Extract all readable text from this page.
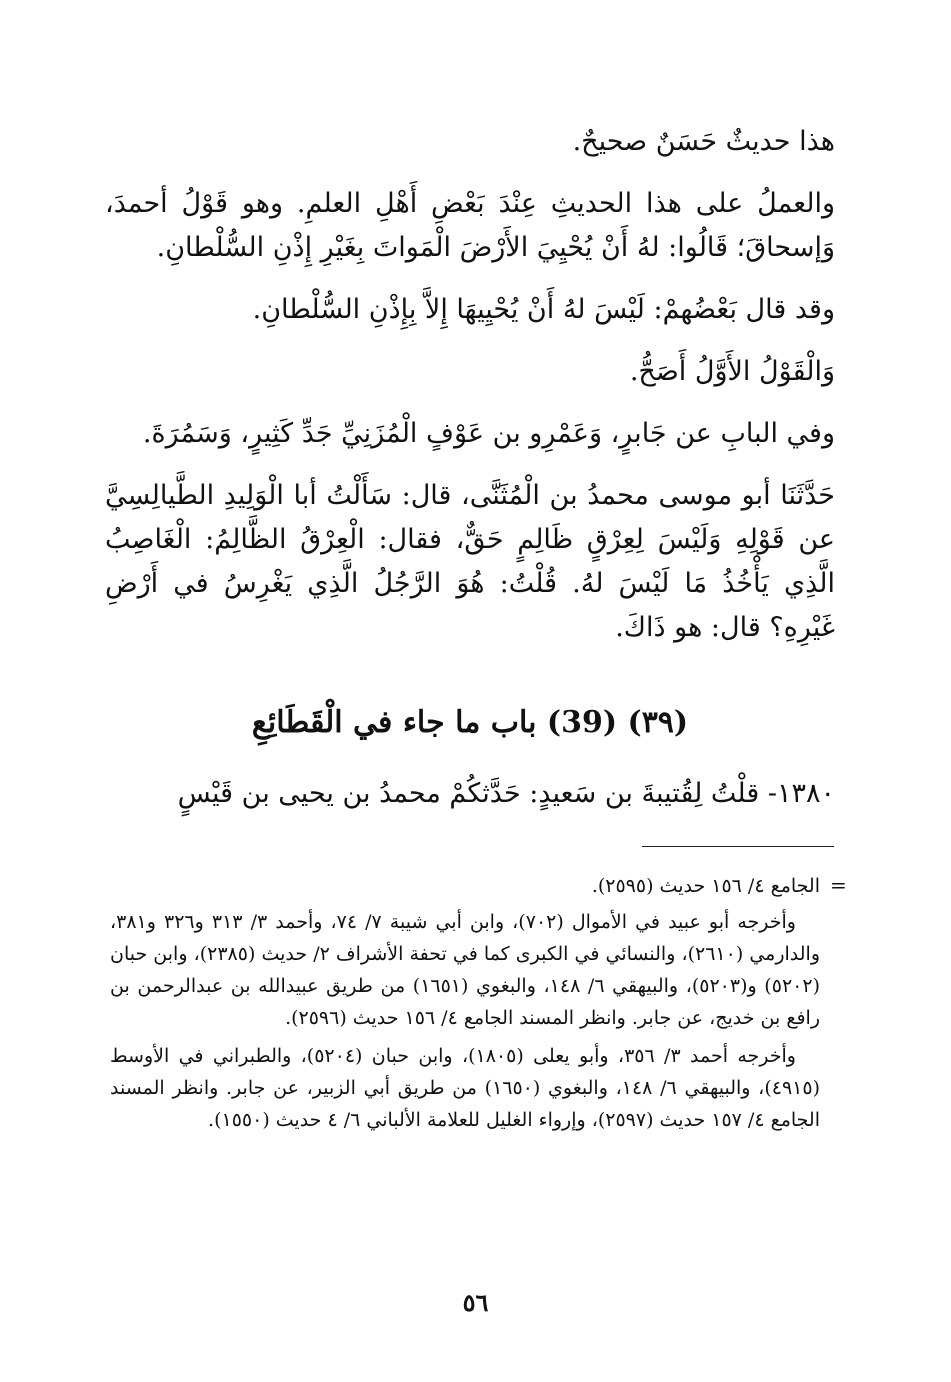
هذا حديثٌ حَسَنٌ صحيحٌ.

والعملُ على هذا الحديثِ عِنْدَ بَعْضِ أَهْلِ العلمِ. وهو قَوْلُ أحمدَ، وَإسحاقَ؛ قَالُوا: لهُ أَنْ يُحْيِيَ الأَرْضَ الْمَواتَ بِغَيْرِ إِذْنِ السُّلْطانِ.

وقد قال بَعْضُهمْ: لَيْسَ لهُ أَنْ يُحْيِيهَا إِلاَّ بِإِذْنِ السُّلْطانِ.

وَالْقَوْلُ الأَوَّلُ أَصَحُّ.

وفي البابِ عن جَابرٍ، وَعَمْرِو بن عَوْفٍ الْمُزَنِيِّ جَدِّ كَثِيرٍ، وَسَمُرَةَ.

حَدَّثَنَا أبو موسى محمدُ بن الْمُثَنَّى، قال: سَأَلْتُ أبا الْوَلِيدِ الطَّيالِسِيَّ عن قَوْلِهِ وَلَيْسَ لِعِرْقٍ ظَالِمٍ حَقٌّ، فقال: الْعِرْقُ الظَّالِمُ: الْغَاصِبُ الَّذِي يَأْخُذُ مَا لَيْسَ لهُ. قُلْتُ: هُوَ الرَّجُلُ الَّذِي يَغْرِسُ في أَرْضِ غَيْرِهِ؟ قال: هو ذَاكَ.

(٣٩) (39) باب ما جاء في الْقَطَائِعِ

١٣٨٠- قلْتُ لِقُتيبةَ بن سَعيدٍ: حَدَّثكُمْ محمدُ بن يحيى بن قَيْسٍ

=

الجامع ٤/ ١٥٦ حديث (٢٥٩٥).

وأخرجه أبو عبيد في الأموال (٧٠٢)، وابن أبي شيبة ٧/ ٧٤، وأحمد ٣/ ٣١٣ و٣٢٦ و٣٨١، والدارمي (٢٦١٠)، والنسائي في الكبرى كما في تحفة الأشراف ٢/ حديث (٢٣٨٥)، وابن حبان (٥٢٠٢) و(٥٢٠٣)، والبيهقي ٦/ ١٤٨، والبغوي (١٦٥١) من طريق عبيدالله بن عبدالرحمن بن رافع بن خديج، عن جابر. وانظر المسند الجامع ٤/ ١٥٦ حديث (٢٥٩٦).

وأخرجه أحمد ٣/ ٣٥٦، وأبو يعلى (١٨٠٥)، وابن حبان (٥٢٠٤)، والطبراني في الأوسط (٤٩١٥)، والبيهقي ٦/ ١٤٨، والبغوي (١٦٥٠) من طريق أبي الزبير، عن جابر. وانظر المسند الجامع ٤/ ١٥٧ حديث (٢٥٩٧)، وإرواء الغليل للعلامة الألباني ٦/ ٤ حديث (١٥٥٠).

٥٦
